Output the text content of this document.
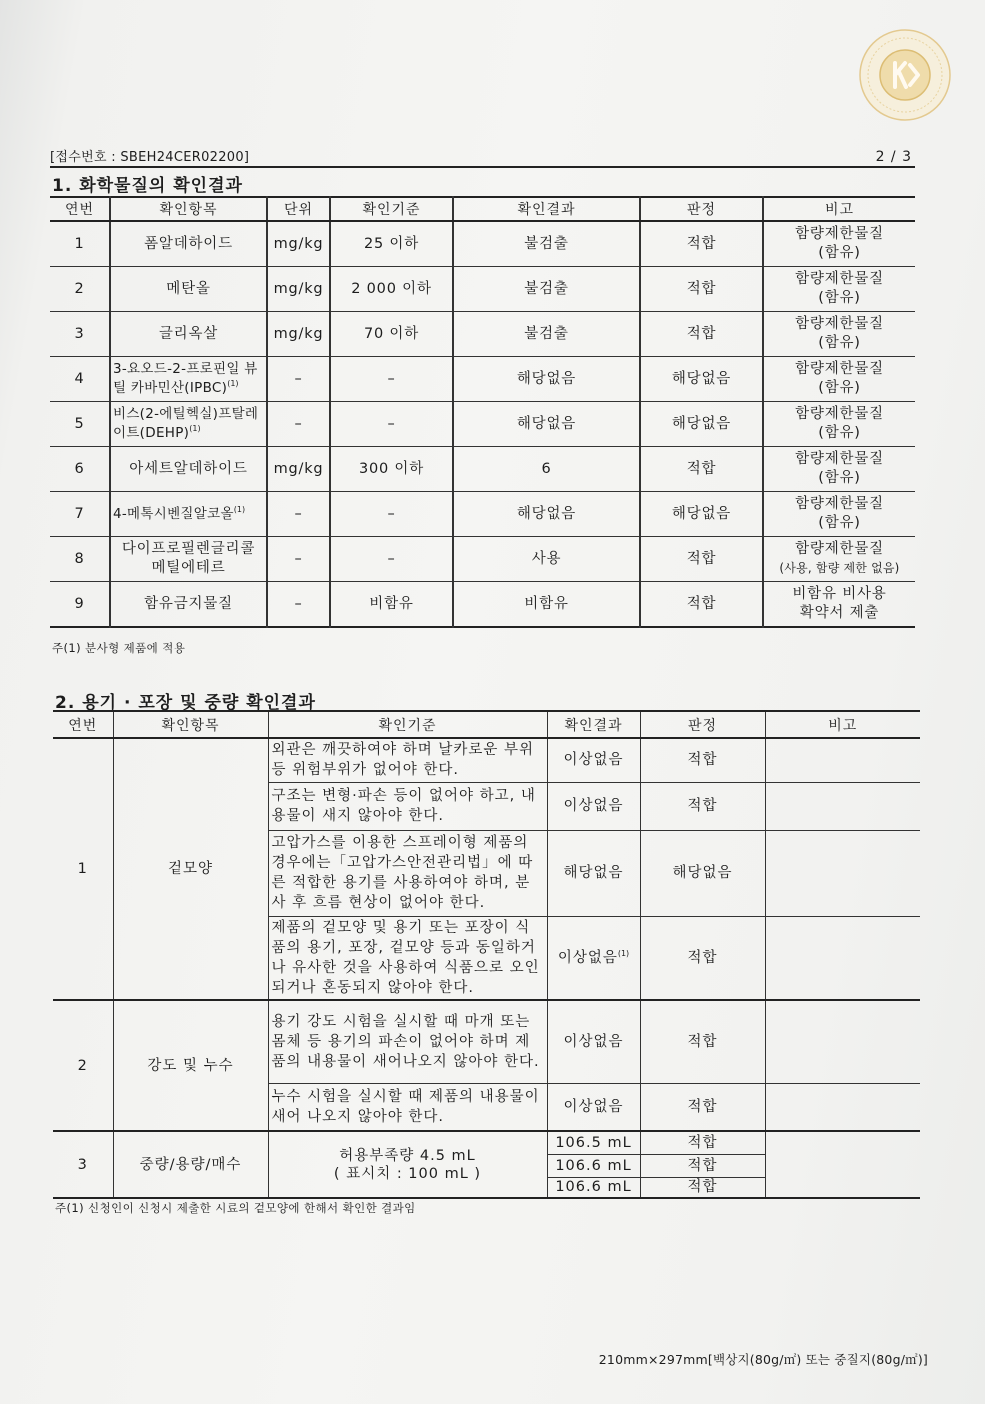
[접수번호 : SBEH24CER02200]	2 / 3
1. 화학물질의 확인결과
연번	확인항목	단위	확인기준	확인결과	판정	비고
1	폼알데하이드	mg/kg	25 이하	불검출	적합	함량제한물질
(함유)
2	메탄올	mg/kg	2 000 이하	불검출	적합	함량제한물질
(함유)
3	글리옥살	mg/kg	70 이하	불검출	적합	함량제한물질
(함유)
4	3-요오드-2-프로핀일 뷰틸 카바민산(IPBC)$^{(1)}$	–	–	해당없음	해당없음	함량제한물질
(함유)
5	비스(2-에틸헥실)프탈레이트(DEHP)$^{(1)}$	–	–	해당없음	해당없음	함량제한물질
(함유)
6	아세트알데하이드	mg/kg	300 이하	6	적합	함량제한물질
(함유)
7	4-메톡시벤질알코올$^{(1)}$	–	–	해당없음	해당없음	함량제한물질
(함유)
8	다이프로필렌글리콜 메틸에테르	–	–	사용	적합	함량제한물질
(사용, 함량 제한 없음)
9	함유금지물질	–	비함유	비함유	적합	비함유 비사용
확약서 제출
주(1) 분사형 제품에 적용
2. 용기 · 포장 및 중량 확인결과
연번	확인항목	확인기준	확인결과	판정	비고
1	겉모양	외관은 깨끗하여야 하며 날카로운 부위 등 위험부위가 없어야 한다.	이상없음	적합	
		구조는 변형·파손 등이 없어야 하고, 내용물이 새지 않아야 한다.	이상없음	적합	
		고압가스를 이용한 스프레이형 제품의 경우에는「고압가스안전관리법」에 따른 적합한 용기를 사용하여야 하며, 분사 후 흐름 현상이 없어야 한다.	해당없음	해당없음	
		제품의 겉모양 및 용기 또는 포장이 식품의 용기, 포장, 겉모양 등과 동일하거나 유사한 것을 사용하여 식품으로 오인되거나 혼동되지 않아야 한다.	이상없음$^{(1)}$	적합	
2	강도 및 누수	용기 강도 시험을 실시할 때 마개 또는 몸체 등 용기의 파손이 없어야 하며 제품의 내용물이 새어나오지 않아야 한다.	이상없음	적합	
		누수 시험을 실시할 때 제품의 내용물이 새어 나오지 않아야 한다.	이상없음	적합	
3	중량/용량/매수	허용부족량 4.5 mL
( 표시치 : 100 mL )	106.5 mL	적합	
			106.6 mL	적합	
			106.6 mL	적합	
주(1) 신청인이 신청시 제출한 시료의 겉모양에 한해서 확인한 결과임
210mm×297mm[백상지(80g/㎡) 또는 중질지(80g/㎡)]
